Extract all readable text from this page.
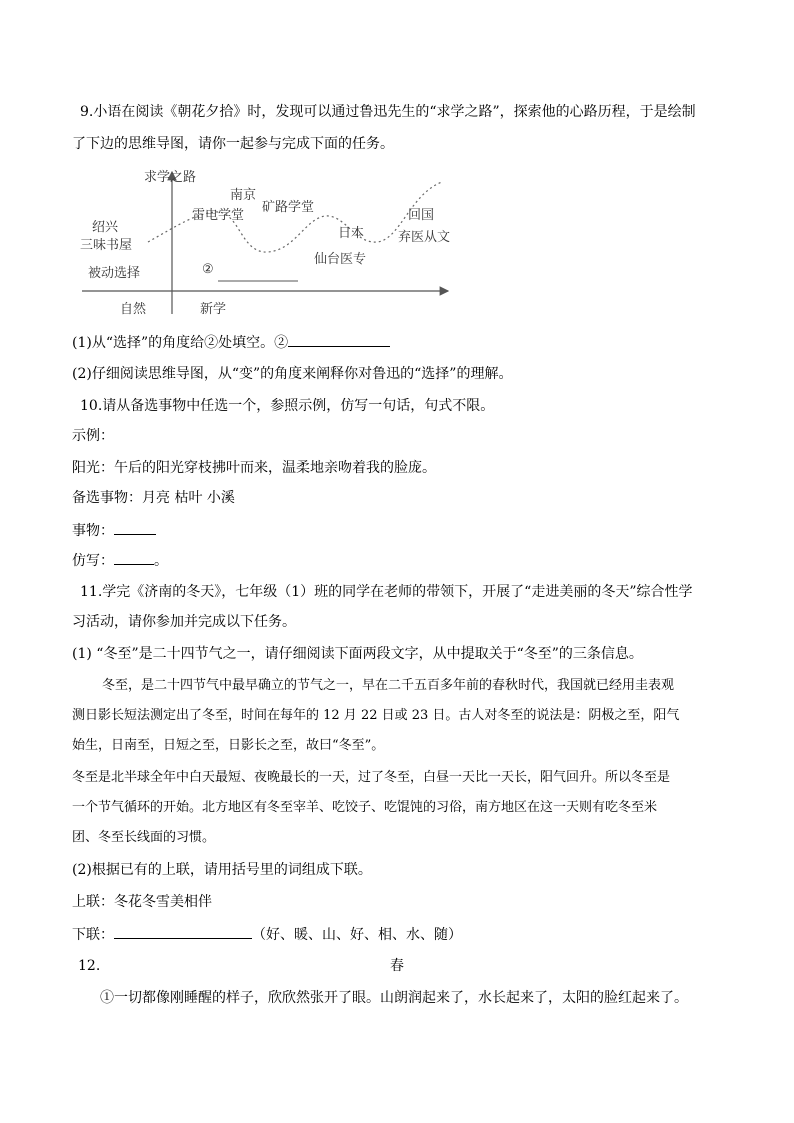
9.小语在阅读《朝花夕拾》时，发现可以通过鲁迅先生的“求学之路”，探索他的心路历程，于是绘制
了下边的思维导图，请你一起参与完成下面的任务。
求学之路
绍兴
三味书屋
被动选择
南京
雷电学堂
矿路学堂
②
日本
仙台医专
回国
弃医从文
自然	新学
(1)从“选择”的角度给②处填空。②
(2)仔细阅读思维导图，从“变”的角度来阐释你对鲁迅的“选择”的理解。
10.请从备选事物中任选一个，参照示例，仿写一句话，句式不限。
示例：
阳光：午后的阳光穿枝拂叶而来，温柔地亲吻着我的脸庞。
备选事物：月亮 枯叶 小溪
事物：
仿写：	。
11.学完《济南的冬天》，七年级（1）班的同学在老师的带领下，开展了“走进美丽的冬天”综合性学
习活动，请你参加并完成以下任务。
(1) “冬至”是二十四节气之一，请仔细阅读下面两段文字，从中提取关于“冬至”的三条信息。
冬至，是二十四节气中最早确立的节气之一，早在二千五百多年前的春秋时代，我国就已经用圭表观
测日影长短法测定出了冬至，时间在每年的 12 月 22 日或 23 日。古人对冬至的说法是：阴极之至，阳气
始生，日南至，日短之至，日影长之至，故曰“冬至”。
冬至是北半球全年中白天最短、夜晚最长的一天，过了冬至，白昼一天比一天长，阳气回升。所以冬至是
一个节气循环的开始。北方地区有冬至宰羊、吃饺子、吃馄饨的习俗，南方地区在这一天则有吃冬至米
团、冬至长线面的习惯。
(2)根据已有的上联，请用括号里的词组成下联。
上联：冬花冬雪美相伴
下联：	（好、暖、山、好、相、水、随）
12.	春
①一切都像刚睡醒的样子，欣欣然张开了眼。山朗润起来了，水长起来了，太阳的脸红起来了。
